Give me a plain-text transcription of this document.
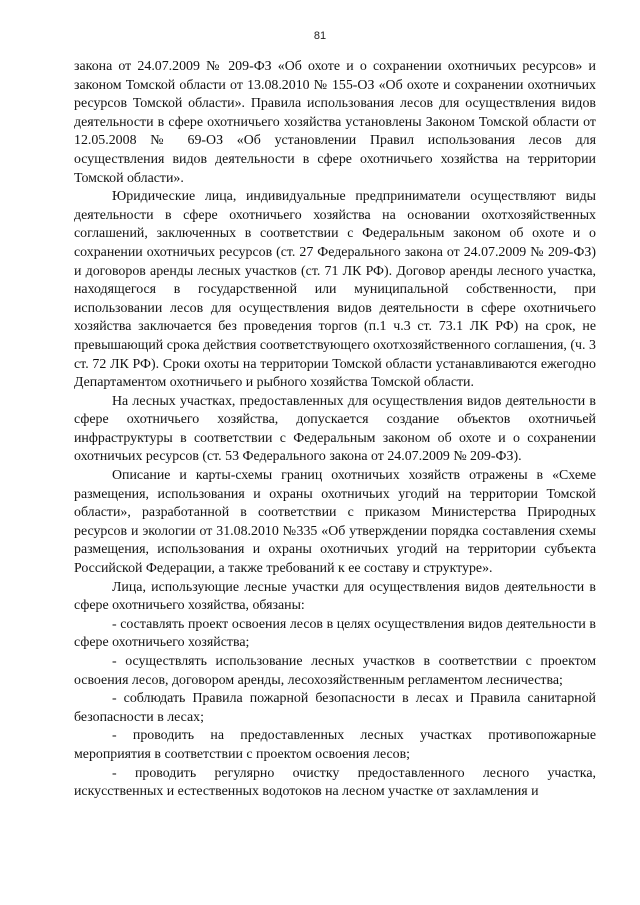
81

закона от 24.07.2009 № 209-ФЗ «Об охоте и о сохранении охотничьих ресурсов» и законом Томской области от 13.08.2010 № 155-ОЗ «Об охоте и сохранении охотничьих ресурсов Томской области». Правила использования лесов для осуществления видов деятельности в сфере охотничьего хозяйства установлены Законом Томской области от 12.05.2008 № 69-ОЗ «Об установлении Правил использования лесов для осуществления видов деятельности в сфере охотничьего хозяйства на территории Томской области».

Юридические лица, индивидуальные предприниматели осуществляют виды деятельности в сфере охотничьего хозяйства на основании охотхозяйственных соглашений, заключенных в соответствии с Федеральным законом об охоте и о сохранении охотничьих ресурсов (ст. 27 Федерального закона от 24.07.2009 № 209-ФЗ) и договоров аренды лесных участков (ст. 71 ЛК РФ). Договор аренды лесного участка, находящегося в государственной или муниципальной собственности, при использовании лесов для осуществления видов деятельности в сфере охотничьего хозяйства заключается без проведения торгов (п.1 ч.3 ст. 73.1 ЛК РФ) на срок, не превышающий срока действия соответствующего охотхозяйственного соглашения, (ч. 3 ст. 72 ЛК РФ). Сроки охоты на территории Томской области устанавливаются ежегодно Департаментом охотничьего и рыбного хозяйства Томской области.

На лесных участках, предоставленных для осуществления видов деятельности в сфере охотничьего хозяйства, допускается создание объектов охотничьей инфраструктуры в соответствии с Федеральным законом об охоте и о сохранении охотничьих ресурсов (ст. 53 Федерального закона от 24.07.2009 № 209-ФЗ).

Описание и карты-схемы границ охотничьих хозяйств отражены в «Схеме размещения, использования и охраны охотничьих угодий на территории Томской области», разработанной в соответствии с приказом Министерства Природных ресурсов и экологии от 31.08.2010 №335 «Об утверждении порядка составления схемы размещения, использования и охраны охотничьих угодий на территории субъекта Российской Федерации, а также требований к ее составу и структуре».

Лица, использующие лесные участки для осуществления видов деятельности в сфере охотничьего хозяйства, обязаны:

- составлять проект освоения лесов в целях осуществления видов деятельности в сфере охотничьего хозяйства;

- осуществлять использование лесных участков в соответствии с проектом освоения лесов, договором аренды, лесохозяйственным регламентом лесничества;

- соблюдать Правила пожарной безопасности в лесах и Правила санитарной безопасности в лесах;

- проводить на предоставленных лесных участках противопожарные мероприятия в соответствии с проектом освоения лесов;

- проводить регулярно очистку предоставленного лесного участка, искусственных и естественных водотоков на лесном участке от захламления и
